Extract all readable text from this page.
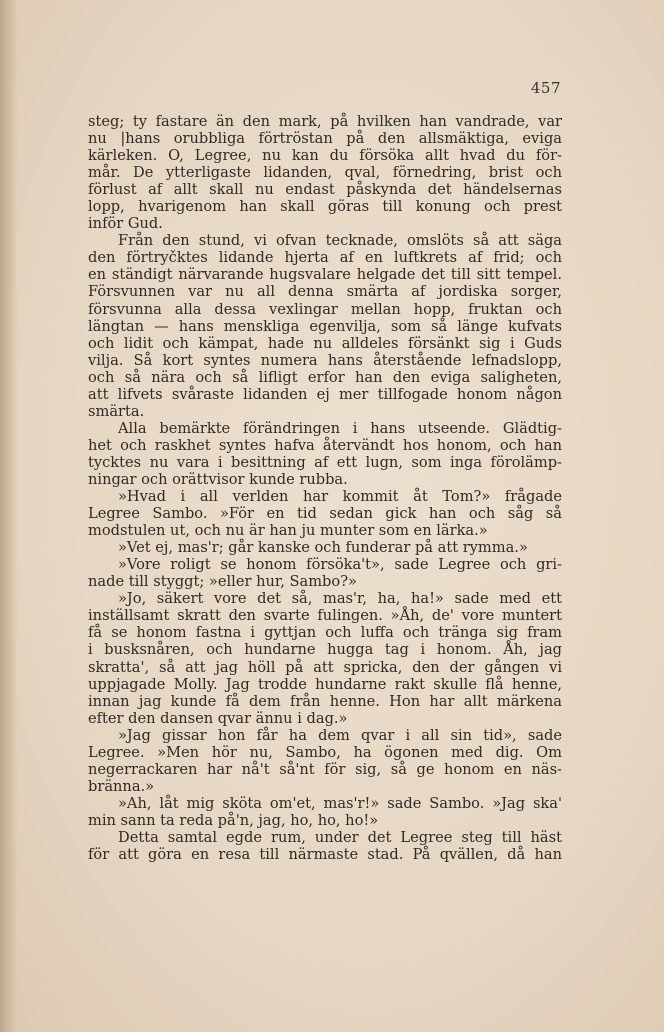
457
steg; ty fastare än den mark, på hvilken han vandrade, var
nu |hans orubbliga förtröstan på den allsmäktiga, eviga
kärleken. O, Legree, nu kan du försöka allt hvad du för-
mår. De ytterligaste lidanden, qval, förnedring, brist och
förlust af allt skall nu endast påskynda det händelsernas
lopp, hvarigenom han skall göras till konung och prest
inför Gud.
Från den stund, vi ofvan tecknade, omslöts så att säga
den förtryčktes lidande hjerta af en luftkrets af frid; och
en ständigt närvarande hugsvalare helgade det till sitt tempel.
Försvunnen var nu all denna smärta af jordiska sorger,
försvunna alla dessa vexlingar mellan hopp, fruktan och
längtan — hans menskliga egenvilja, som så länge kufvats
och lidit och kämpat, hade nu alldeles försänkt sig i Guds
vilja. Så kort syntes numera hans återstående lefnadslopp,
och så nära och så lifligt erfor han den eviga saligheten,
att lifvets svåraste lidanden ej mer tillfogade honom någon
smärta.
Alla bemärkte förändringen i hans utseende. Glädtig-
het och raskhet syntes hafva återvändt hos honom, och han
tycktes nu vara i besittning af ett lugn, som inga förolämp-
ningar och orättvisor kunde rubba.
»Hvad i all verlden har kommit åt Tom?» frågade
Legree Sambo. »För en tid sedan gick han och såg så
modstulen ut, och nu är han ju munter som en lärka.»
»Vet ej, mas'r; går kanske och funderar på att rymma.»
»Vore roligt se honom försöka't», sade Legree och gri-
nade till styggt; »eller hur, Sambo?»
»Jo, säkert vore det så, mas'r, ha, ha!» sade med ett
inställsamt skratt den svarte fulingen. »Åh, de' vore muntert
få se honom fastna i gyttjan och luffa och tränga sig fram
i busksnåren, och hundarne hugga tag i honom. Åh, jag
skratta', så att jag höll på att spricka, den der gången vi
uppjagade Molly. Jag trodde hundarne rakt skulle flå henne,
innan jag kunde få dem från henne. Hon har allt märkena
efter den dansen qvar ännu i dag.»
»Jag gissar hon får ha dem qvar i all sin tid», sade
Legree. »Men hör nu, Sambo, ha ögonen med dig. Om
negerrackaren har nå't så'nt för sig, så ge honom en näs-
bränna.»
»Ah, låt mig sköta om'et, mas'r!» sade Sambo. »Jag ska'
min sann ta reda på'n, jag, ho, ho, ho!»
Detta samtal egde rum, under det Legree steg till häst
för att göra en resa till närmaste stad. På qvällen, då han
